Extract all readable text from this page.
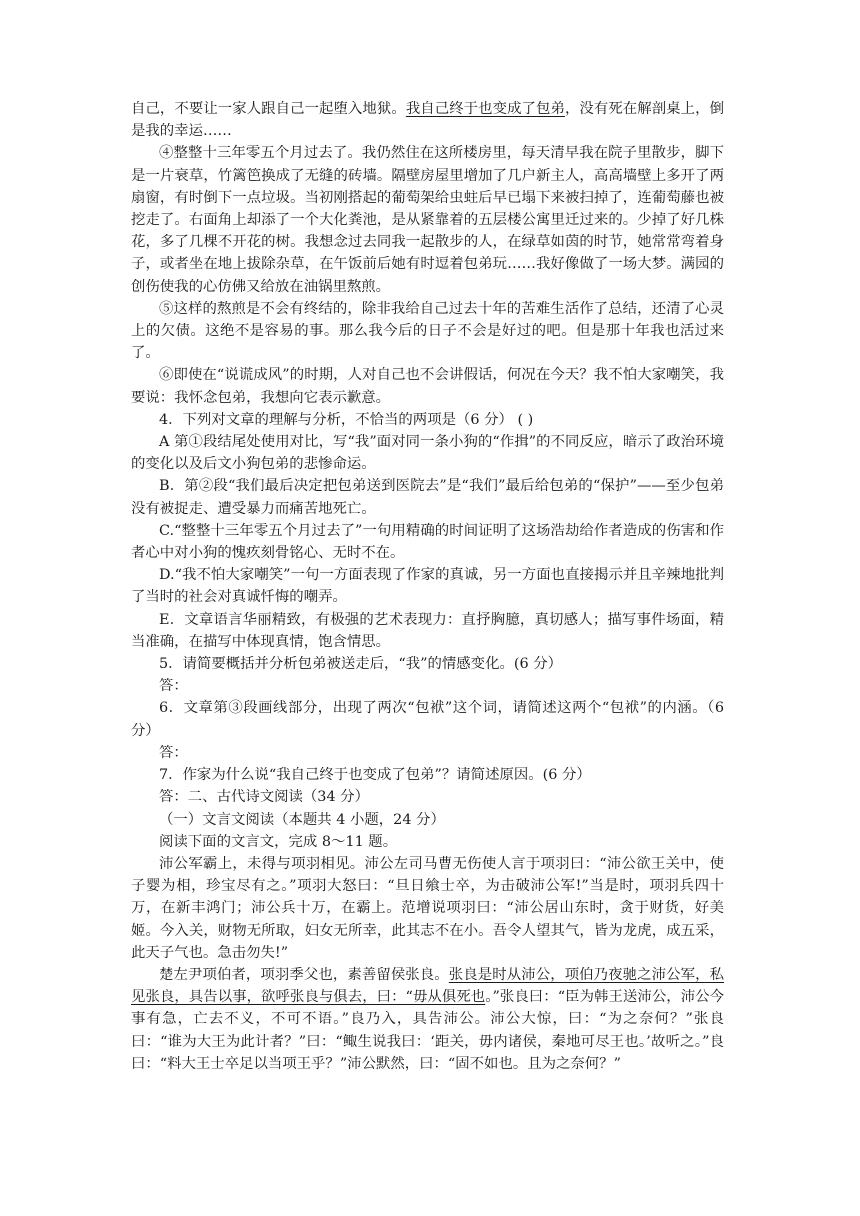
自己，不要让一家人跟自己一起堕入地狱。我自己终于也变成了包弟，没有死在解剖桌上，倒是我的幸运……

④整整十三年零五个月过去了。我仍然住在这所楼房里，每天清早我在院子里散步，脚下是一片衰草，竹篱笆换成了无缝的砖墙。隔壁房屋里增加了几户新主人，高高墙壁上多开了两扇窗，有时倒下一点垃圾。当初刚搭起的葡萄架给虫蛀后早已塌下来被扫掉了，连葡萄藤也被挖走了。右面角上却添了一个大化粪池，是从紧靠着的五层楼公寓里迁过来的。少掉了好几株花，多了几棵不开花的树。我想念过去同我一起散步的人，在绿草如茵的时节，她常常弯着身子，或者坐在地上拔除杂草，在午饭前后她有时逗着包弟玩……我好像做了一场大梦。满园的创伤使我的心仿佛又给放在油锅里熬煎。

⑤这样的熬煎是不会有终结的，除非我给自己过去十年的苦难生活作了总结，还清了心灵上的欠债。这绝不是容易的事。那么我今后的日子不会是好过的吧。但是那十年我也活过来了。

⑥即使在“说谎成风”的时期，人对自己也不会讲假话，何况在今天？我不怕大家嘲笑，我要说：我怀念包弟，我想向它表示歉意。

4．下列对文章的理解与分析，不恰当的两项是（6 分） ( )

A 第①段结尾处使用对比，写“我”面对同一条小狗的“作揖”的不同反应，暗示了政治环境的变化以及后文小狗包弟的悲惨命运。

B．第②段“我们最后决定把包弟送到医院去”是“我们”最后给包弟的“保护”——至少包弟没有被捉走、遭受暴力而痛苦地死亡。

C.“整整十三年零五个月过去了”一句用精确的时间证明了这场浩劫给作者造成的伤害和作者心中对小狗的愧疚刻骨铭心、无时不在。

D.“我不怕大家嘲笑”一句一方面表现了作家的真诚，另一方面也直接揭示并且辛辣地批判了当时的社会对真诚忏悔的嘲弄。

E．文章语言华丽精致，有极强的艺术表现力：直抒胸臆，真切感人；描写事件场面，精当准确，在描写中体现真情，饱含情思。

5．请简要概括并分析包弟被送走后，“我”的情感变化。(6 分）

答：

6．文章第③段画线部分，出现了两次“包袱”这个词，请简述这两个“包袱”的内涵。（6 分）

答：

7．作家为什么说“我自己终于也变成了包弟”？请简述原因。(6 分）

答：二、古代诗文阅读（34 分）

（一）文言文阅读（本题共 4 小题，24 分）

阅读下面的文言文，完成 8～11 题。

沛公军霸上，未得与项羽相见。沛公左司马曹无伤使人言于项羽曰：“沛公欲王关中，使子婴为相，珍宝尽有之。”项羽大怒曰：“旦日飨士卒，为击破沛公军!”当是时，项羽兵四十万，在新丰鸿门；沛公兵十万，在霸上。范增说项羽曰：“沛公居山东时，贪于财货，好美姬。今入关，财物无所取，妇女无所幸，此其志不在小。吾令人望其气，皆为龙虎，成五采，此天子气也。急击勿失!”

楚左尹项伯者，项羽季父也，素善留侯张良。张良是时从沛公，项伯乃夜驰之沛公军，私见张良，具告以事，欲呼张良与俱去，曰：“毋从俱死也。”张良曰：“臣为韩王送沛公，沛公今事有急，亡去不义，不可不语。”良乃入，具告沛公。沛公大惊，曰：“为之奈何？”张良曰：“谁为大王为此计者？”曰：“鲰生说我曰：‘距关，毋内诸侯，秦地可尽王也。’故听之。”良曰：“料大王士卒足以当项王乎？”沛公默然，曰：“固不如也。且为之奈何？”
